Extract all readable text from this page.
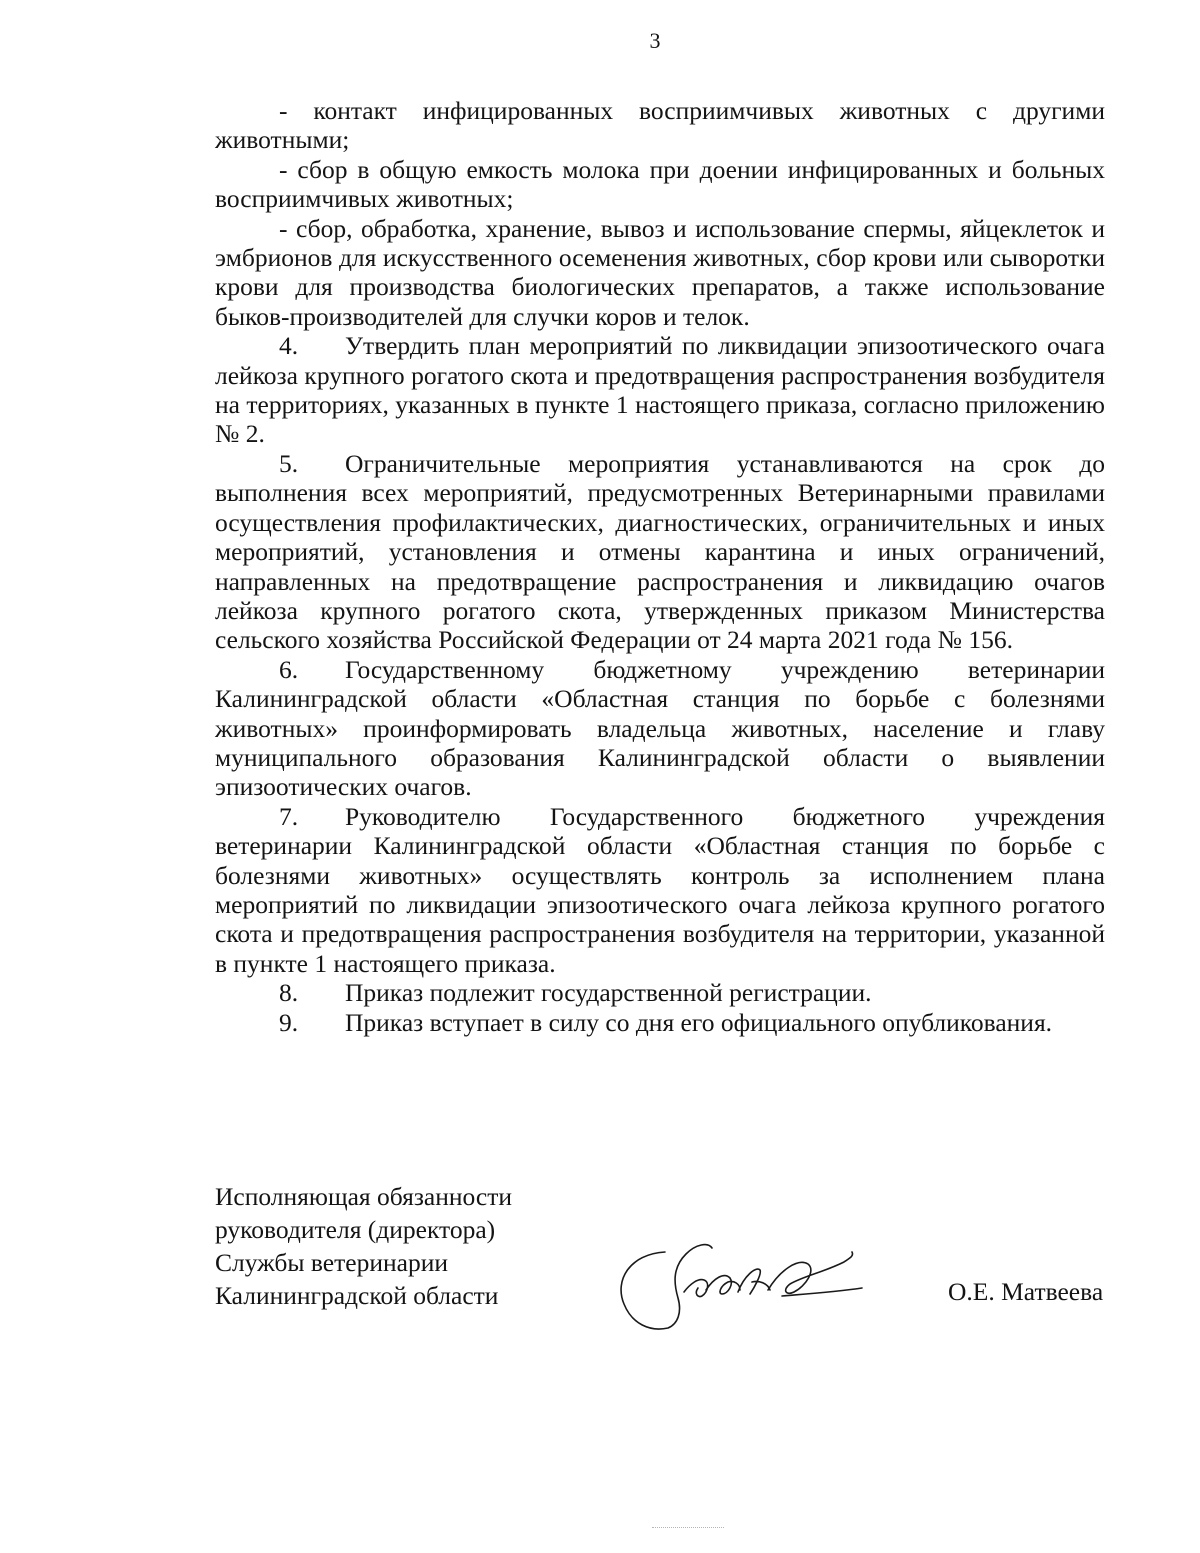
3

- контакт инфицированных восприимчивых животных с другими животными;

- сбор в общую емкость молока при доении инфицированных и больных восприимчивых животных;

- сбор, обработка, хранение, вывоз и использование спермы, яйцеклеток и эмбрионов для искусственного осеменения животных, сбор крови или сыворотки крови для производства биологических препаратов, а также использование быков-производителей для случки коров и телок.

4. Утвердить план мероприятий по ликвидации эпизоотического очага лейкоза крупного рогатого скота и предотвращения распространения возбудителя на территориях, указанных в пункте 1 настоящего приказа, согласно приложению № 2.

5. Ограничительные мероприятия устанавливаются на срок до выполнения всех мероприятий, предусмотренных Ветеринарными правилами осуществления профилактических, диагностических, ограничительных и иных мероприятий, установления и отмены карантина и иных ограничений, направленных на предотвращение распространения и ликвидацию очагов лейкоза крупного рогатого скота, утвержденных приказом Министерства сельского хозяйства Российской Федерации от 24 марта 2021 года № 156.

6. Государственному бюджетному учреждению ветеринарии Калининградской области «Областная станция по борьбе с болезнями животных» проинформировать владельца животных, население и главу муниципального образования Калининградской области о выявлении эпизоотических очагов.

7. Руководителю Государственного бюджетного учреждения ветеринарии Калининградской области «Областная станция по борьбе с болезнями животных» осуществлять контроль за исполнением плана мероприятий по ликвидации эпизоотического очага лейкоза крупного рогатого скота и предотвращения распространения возбудителя на территории, указанной в пункте 1 настоящего приказа.

8. Приказ подлежит государственной регистрации.

9. Приказ вступает в силу со дня его официального опубликования.

Исполняющая обязанности
руководителя (директора)
Службы ветеринарии
Калининградской области	О.Е. Матвеева
